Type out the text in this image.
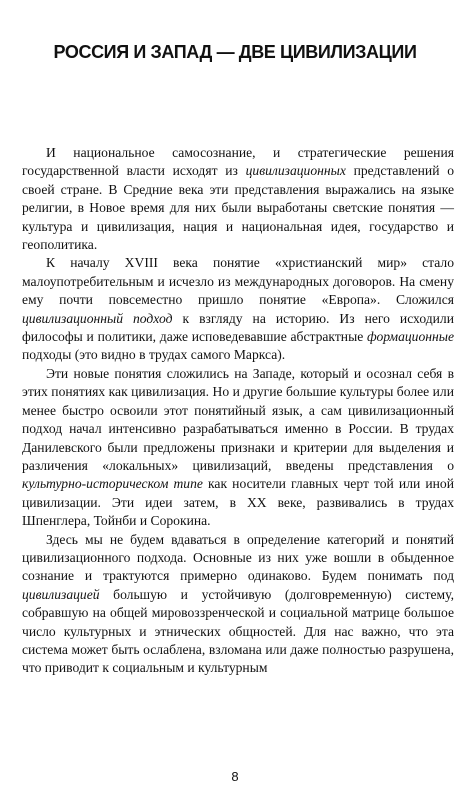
РОССИЯ И ЗАПАД — ДВЕ ЦИВИЛИЗАЦИИ

И национальное самосознание, и стратегические решения государственной власти исходят из цивилизационных представлений о своей стране. В Средние века эти представления выражались на языке религии, в Новое время для них были выработаны светские понятия — культура и цивилизация, нация и национальная идея, государство и геополитика.

К началу XVIII века понятие «христианский мир» стало малоупотребительным и исчезло из международных договоров. На смену ему почти повсеместно пришло понятие «Европа». Сложился цивилизационный подход к взгляду на историю. Из него исходили философы и политики, даже исповедевавшие абстрактные формационные подходы (это видно в трудах самого Маркса).

Эти новые понятия сложились на Западе, который и осознал себя в этих понятиях как цивилизация. Но и другие большие культуры более или менее быстро освоили этот понятийный язык, а сам цивилизационный подход начал интенсивно разрабатываться именно в России. В трудах Данилевского были предложены признаки и критерии для выделения и различения «локальных» цивилизаций, введены представления о культурно-историческом типе как носители главных черт той или иной цивилизации. Эти идеи затем, в XX веке, развивались в трудах Шпенглера, Тойнби и Сорокина.

Здесь мы не будем вдаваться в определение категорий и понятий цивилизационного подхода. Основные из них уже вошли в обыденное сознание и трактуются примерно одинаково. Будем понимать под цивилизацией большую и устойчивую (долговременную) систему, собравшую на общей мировоззренческой и социальной матрице большое число культурных и этнических общностей. Для нас важно, что эта система может быть ослаблена, взломана или даже полностью разрушена, что приводит к социальным и культурным

8
